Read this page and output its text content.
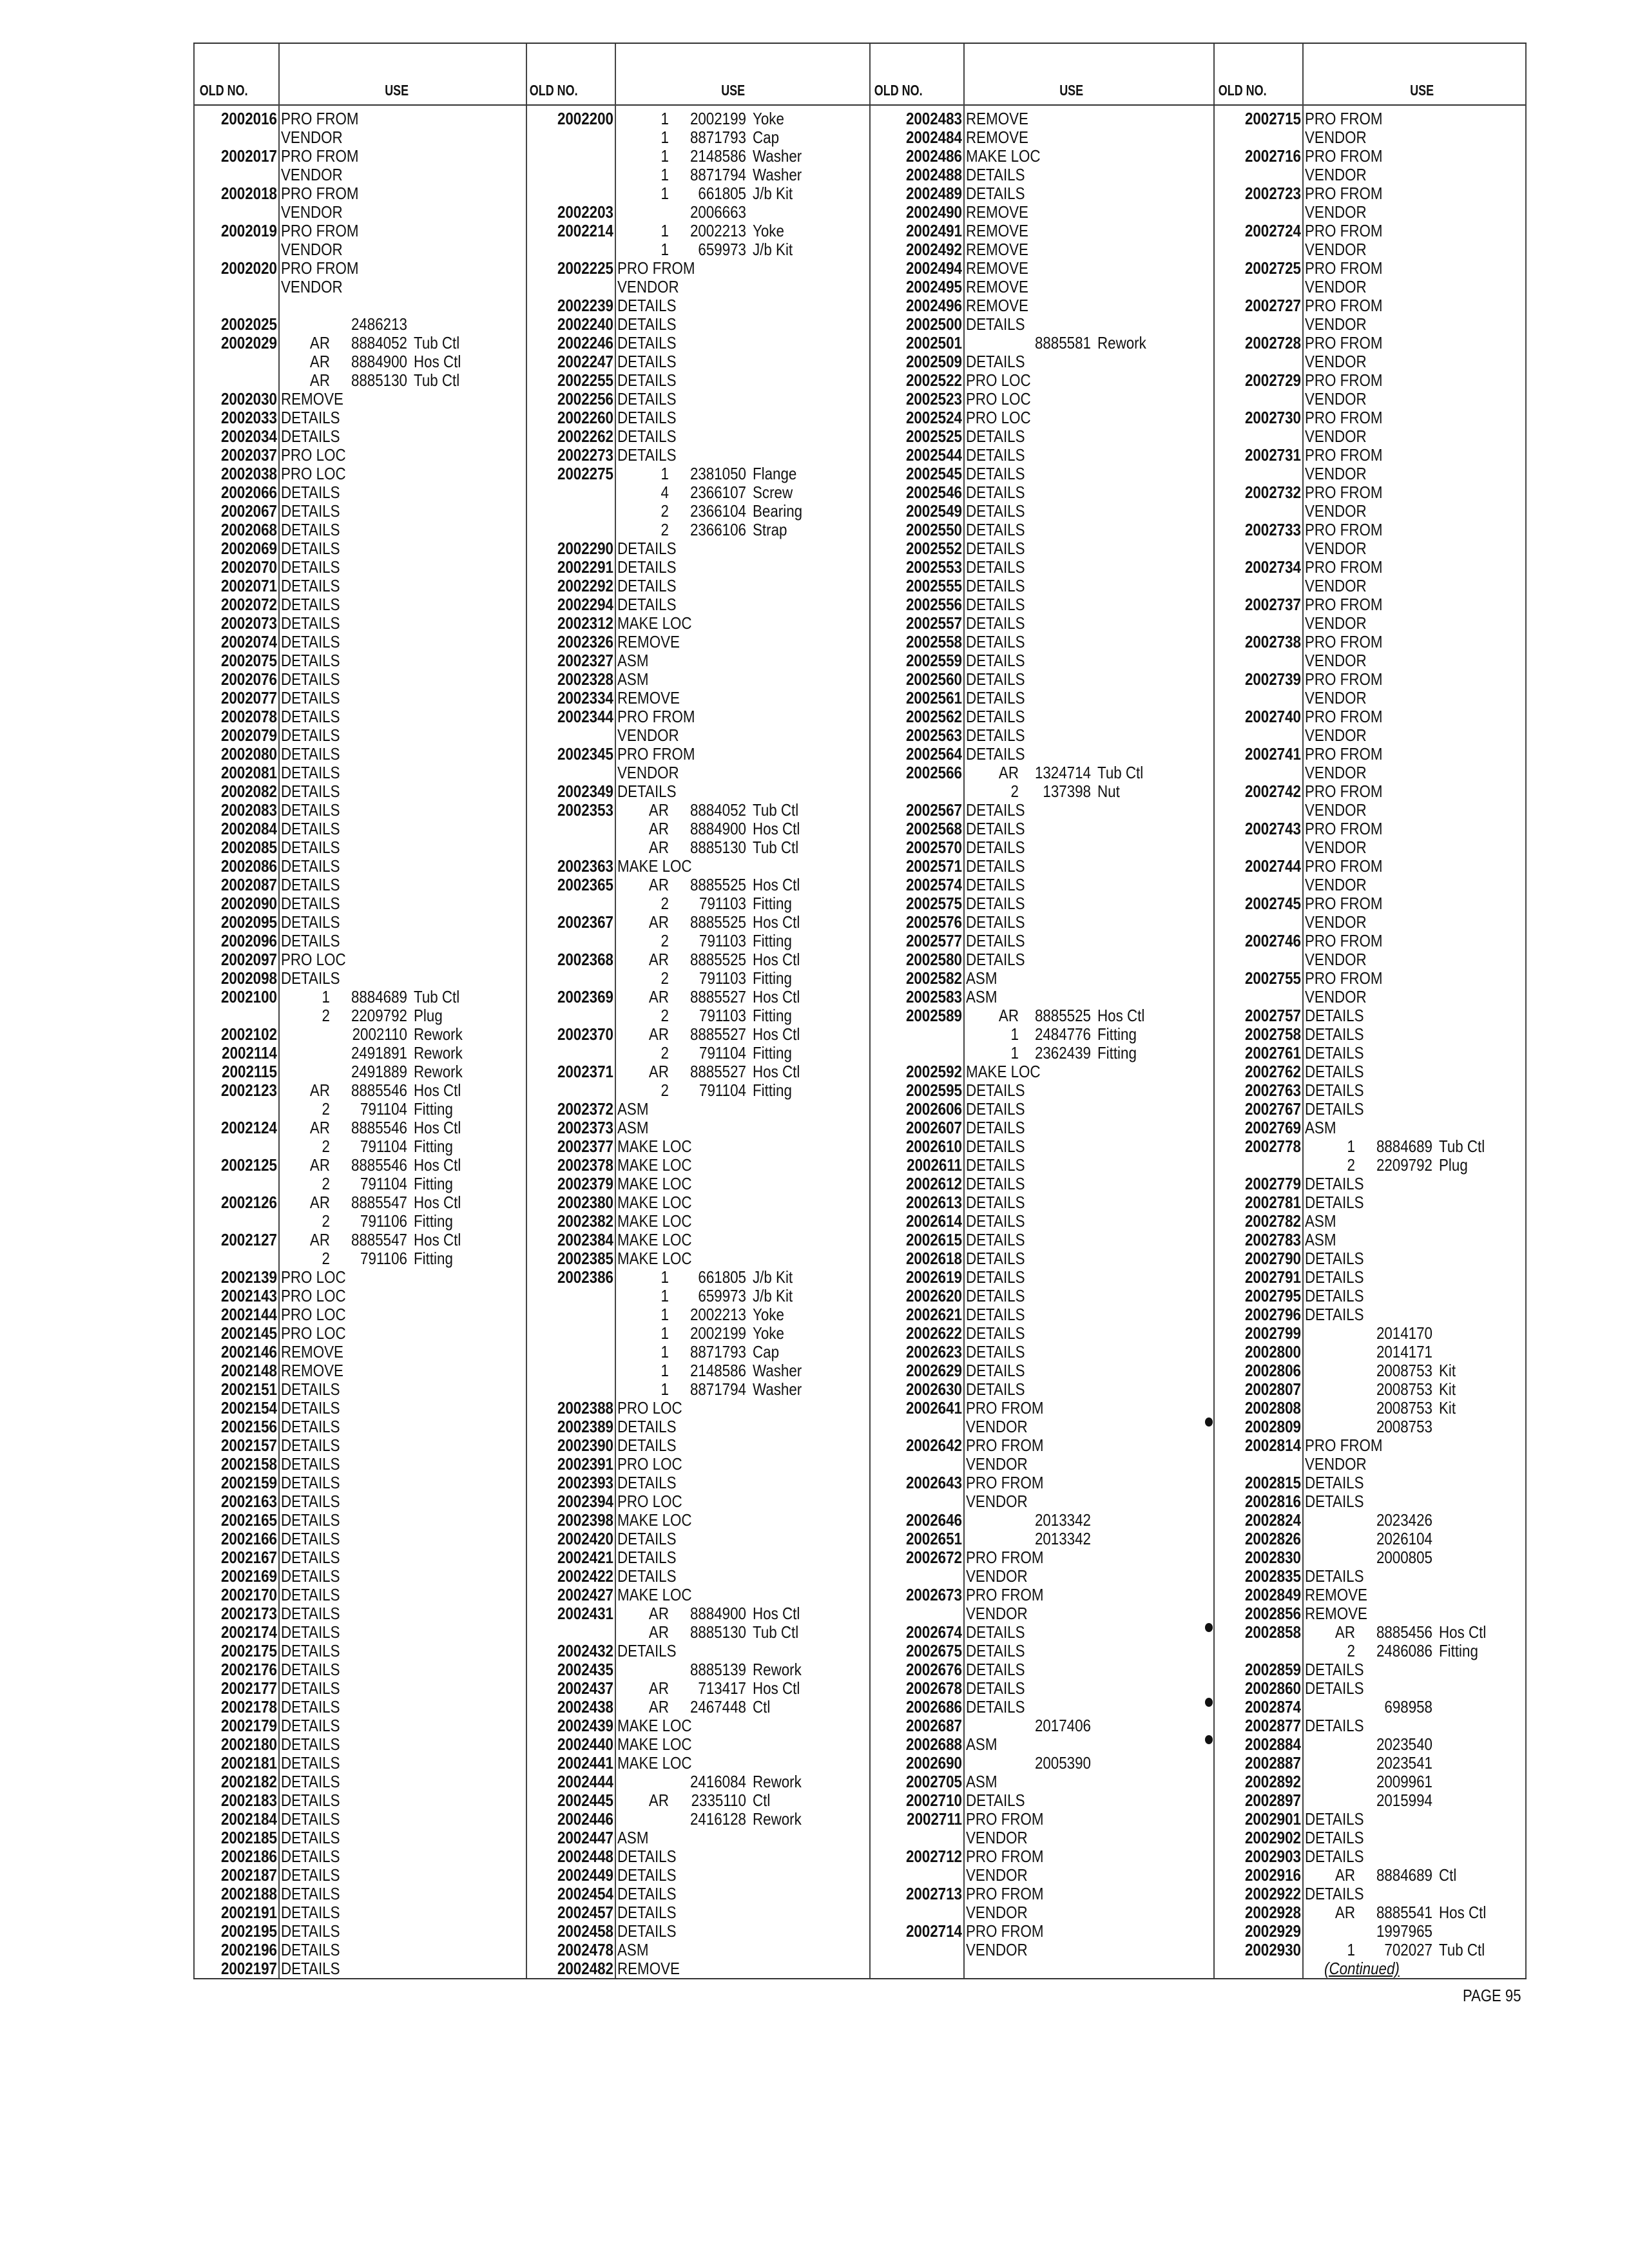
OLD NO.	USE
2002016 PRO FROM
VENDOR
2002017 PRO FROM
VENDOR
2002018 PRO FROM
VENDOR
2002019 PRO FROM
VENDOR
2002020 PRO FROM
VENDOR
2002025	2486213
2002029	AR	8884052 Tub Ctl
AR	8884900 Hos Ctl
AR	8885130 Tub Ctl
2002030 REMOVE
2002033 DETAILS
2002034 DETAILS
2002037 PRO LOC
2002038 PRO LOC
2002066 DETAILS
2002067 DETAILS
2002068 DETAILS
2002069 DETAILS
2002070 DETAILS
2002071 DETAILS
2002072 DETAILS
2002073 DETAILS
2002074 DETAILS
2002075 DETAILS
2002076 DETAILS
2002077 DETAILS
2002078 DETAILS
2002079 DETAILS
2002080 DETAILS
2002081 DETAILS
2002082 DETAILS
2002083 DETAILS
2002084 DETAILS
2002085 DETAILS
2002086 DETAILS
2002087 DETAILS
2002090 DETAILS
2002095 DETAILS
2002096 DETAILS
2002097 PRO LOC
2002098 DETAILS
2002100	1	8884689 Tub Ctl
2	2209792 Plug
2002102	2002110 Rework
2002114	2491891 Rework
2002115	2491889 Rework
2002123	AR	8885546 Hos Ctl
2	791104 Fitting
2002124	AR	8885546 Hos Ctl
2	791104 Fitting
2002125	AR	8885546 Hos Ctl
2	791104 Fitting
2002126	AR	8885547 Hos Ctl
2	791106 Fitting
2002127	AR	8885547 Hos Ctl
2	791106 Fitting
2002139 PRO LOC
2002143 PRO LOC
2002144 PRO LOC
2002145 PRO LOC
2002146 REMOVE
2002148 REMOVE
2002151 DETAILS
2002154 DETAILS
2002156 DETAILS
2002157 DETAILS
2002158 DETAILS
2002159 DETAILS
2002163 DETAILS
2002165 DETAILS
2002166 DETAILS
2002167 DETAILS
2002169 DETAILS
2002170 DETAILS
2002173 DETAILS
2002174 DETAILS
2002175 DETAILS
2002176 DETAILS
2002177 DETAILS
2002178 DETAILS
2002179 DETAILS
2002180 DETAILS
2002181 DETAILS
2002182 DETAILS
2002183 DETAILS
2002184 DETAILS
2002185 DETAILS
2002186 DETAILS
2002187 DETAILS
2002188 DETAILS
2002191 DETAILS
2002195 DETAILS
2002196 DETAILS
2002197 DETAILS
OLD NO.	USE
2002200	1	2002199 Yoke
1	8871793 Cap
1	2148586 Washer
1	8871794 Washer
1	661805 J/b Kit
2002203	2006663
2002214	1	2002213 Yoke
1	659973 J/b Kit
2002225 PRO FROM
VENDOR
2002239 DETAILS
2002240 DETAILS
2002246 DETAILS
2002247 DETAILS
2002255 DETAILS
2002256 DETAILS
2002260 DETAILS
2002262 DETAILS
2002273 DETAILS
2002275	1	2381050 Flange
4	2366107 Screw
2	2366104 Bearing
2	2366106 Strap
2002290 DETAILS
2002291 DETAILS
2002292 DETAILS
2002294 DETAILS
2002312 MAKE LOC
2002326 REMOVE
2002327 ASM
2002328 ASM
2002334 REMOVE
2002344 PRO FROM
VENDOR
2002345 PRO FROM
VENDOR
2002349 DETAILS
2002353	AR	8884052 Tub Ctl
AR	8884900 Hos Ctl
AR	8885130 Tub Ctl
2002363 MAKE LOC
2002365	AR	8885525 Hos Ctl
2	791103 Fitting
2002367	AR	8885525 Hos Ctl
2	791103 Fitting
2002368	AR	8885525 Hos Ctl
2	791103 Fitting
2002369	AR	8885527 Hos Ctl
2	791103 Fitting
2002370	AR	8885527 Hos Ctl
2	791104 Fitting
2002371	AR	8885527 Hos Ctl
2	791104 Fitting
2002372 ASM
2002373 ASM
2002377 MAKE LOC
2002378 MAKE LOC
2002379 MAKE LOC
2002380 MAKE LOC
2002382 MAKE LOC
2002384 MAKE LOC
2002385 MAKE LOC
2002386	1	661805 J/b Kit
1	659973 J/b Kit
1	2002213 Yoke
1	2002199 Yoke
1	8871793 Cap
1	2148586 Washer
1	8871794 Washer
2002388 PRO LOC
2002389 DETAILS
2002390 DETAILS
2002391 PRO LOC
2002393 DETAILS
2002394 PRO LOC
2002398 MAKE LOC
2002420 DETAILS
2002421 DETAILS
2002422 DETAILS
2002427 MAKE LOC
2002431	AR	8884900 Hos Ctl
AR	8885130 Tub Ctl
2002432 DETAILS
2002435	8885139 Rework
2002437	AR	713417 Hos Ctl
2002438	AR	2467448 Ctl
2002439 MAKE LOC
2002440 MAKE LOC
2002441 MAKE LOC
2002444	2416084 Rework
2002445	AR	2335110 Ctl
2002446	2416128 Rework
2002447 ASM
2002448 DETAILS
2002449 DETAILS
2002454 DETAILS
2002457 DETAILS
2002458 DETAILS
2002478 ASM
2002482 REMOVE
OLD NO.	USE
2002483 REMOVE
2002484 REMOVE
2002486 MAKE LOC
2002488 DETAILS
2002489 DETAILS
2002490 REMOVE
2002491 REMOVE
2002492 REMOVE
2002494 REMOVE
2002495 REMOVE
2002496 REMOVE
2002500 DETAILS
2002501	8885581 Rework
2002509 DETAILS
2002522 PRO LOC
2002523 PRO LOC
2002524 PRO LOC
2002525 DETAILS
2002544 DETAILS
2002545 DETAILS
2002546 DETAILS
2002549 DETAILS
2002550 DETAILS
2002552 DETAILS
2002553 DETAILS
2002555 DETAILS
2002556 DETAILS
2002557 DETAILS
2002558 DETAILS
2002559 DETAILS
2002560 DETAILS
2002561 DETAILS
2002562 DETAILS
2002563 DETAILS
2002564 DETAILS
2002566	AR 1324714 Tub Ctl
2	137398 Nut
2002567 DETAILS
2002568 DETAILS
2002570 DETAILS
2002571 DETAILS
2002574 DETAILS
2002575 DETAILS
2002576 DETAILS
2002577 DETAILS
2002580 DETAILS
2002582 ASM
2002583 ASM
2002589	AR 8885525 Hos Ctl
1 2484776 Fitting
1 2362439 Fitting
2002592 MAKE LOC
2002595 DETAILS
2002606 DETAILS
2002607 DETAILS
2002610 DETAILS
2002611 DETAILS
2002612 DETAILS
2002613 DETAILS
2002614 DETAILS
2002615 DETAILS
2002618 DETAILS
2002619 DETAILS
2002620 DETAILS
2002621 DETAILS
2002622 DETAILS
2002623 DETAILS
2002629 DETAILS
2002630 DETAILS
2002641 PRO FROM
VENDOR
2002642 PRO FROM
VENDOR
2002643 PRO FROM
VENDOR
2002646	2013342
2002651	2013342
2002672 PRO FROM
VENDOR
2002673 PRO FROM
VENDOR
2002674 DETAILS
2002675 DETAILS
2002676 DETAILS
2002678 DETAILS
2002686 DETAILS
2002687	2017406
2002688 ASM
2002690	2005390
2002705 ASM
2002710 DETAILS
2002711 PRO FROM
VENDOR
2002712 PRO FROM
VENDOR
2002713 PRO FROM
VENDOR
2002714 PRO FROM
VENDOR
OLD NO.	USE
2002715 PRO FROM
VENDOR
2002716 PRO FROM
VENDOR
2002723 PRO FROM
VENDOR
2002724 PRO FROM
VENDOR
2002725 PRO FROM
VENDOR
2002727 PRO FROM
VENDOR
2002728 PRO FROM
VENDOR
2002729 PRO FROM
VENDOR
2002730 PRO FROM
VENDOR
2002731 PRO FROM
VENDOR
2002732 PRO FROM
VENDOR
2002733 PRO FROM
VENDOR
2002734 PRO FROM
VENDOR
2002737 PRO FROM
VENDOR
2002738 PRO FROM
VENDOR
2002739 PRO FROM
VENDOR
2002740 PRO FROM
VENDOR
2002741 PRO FROM
VENDOR
2002742 PRO FROM
VENDOR
2002743 PRO FROM
VENDOR
2002744 PRO FROM
VENDOR
2002745 PRO FROM
VENDOR
2002746 PRO FROM
VENDOR
2002755 PRO FROM
VENDOR
2002757 DETAILS
2002758 DETAILS
2002761 DETAILS
2002762 DETAILS
2002763 DETAILS
2002767 DETAILS
2002769 ASM
2002778	1	8884689 Tub Ctl
2	2209792 Plug
2002779 DETAILS
2002781 DETAILS
2002782 ASM
2002783 ASM
2002790 DETAILS
2002791 DETAILS
2002795 DETAILS
2002796 DETAILS
2002799	2014170
2002800	2014171
2002806	2008753 Kit
2002807	2008753 Kit
2002808	2008753 Kit
2002809	2008753
2002814 PRO FROM
VENDOR
2002815 DETAILS
2002816 DETAILS
2002824	2023426
2002826	2026104
2002830	2000805
2002835 DETAILS
2002849 REMOVE
2002856 REMOVE
2002858	AR	8885456 Hos Ctl
2	2486086 Fitting
2002859 DETAILS
2002860 DETAILS
2002874	698958
2002877 DETAILS
2002884	2023540
2002887	2023541
2002892	2009961
2002897	2015994
2002901 DETAILS
2002902 DETAILS
2002903 DETAILS
2002916	AR	8884689 Ctl
2002922 DETAILS
2002928	AR	8885541 Hos Ctl
2002929	1997965
2002930	1	702027 Tub Ctl
(Continued)
PAGE 95
